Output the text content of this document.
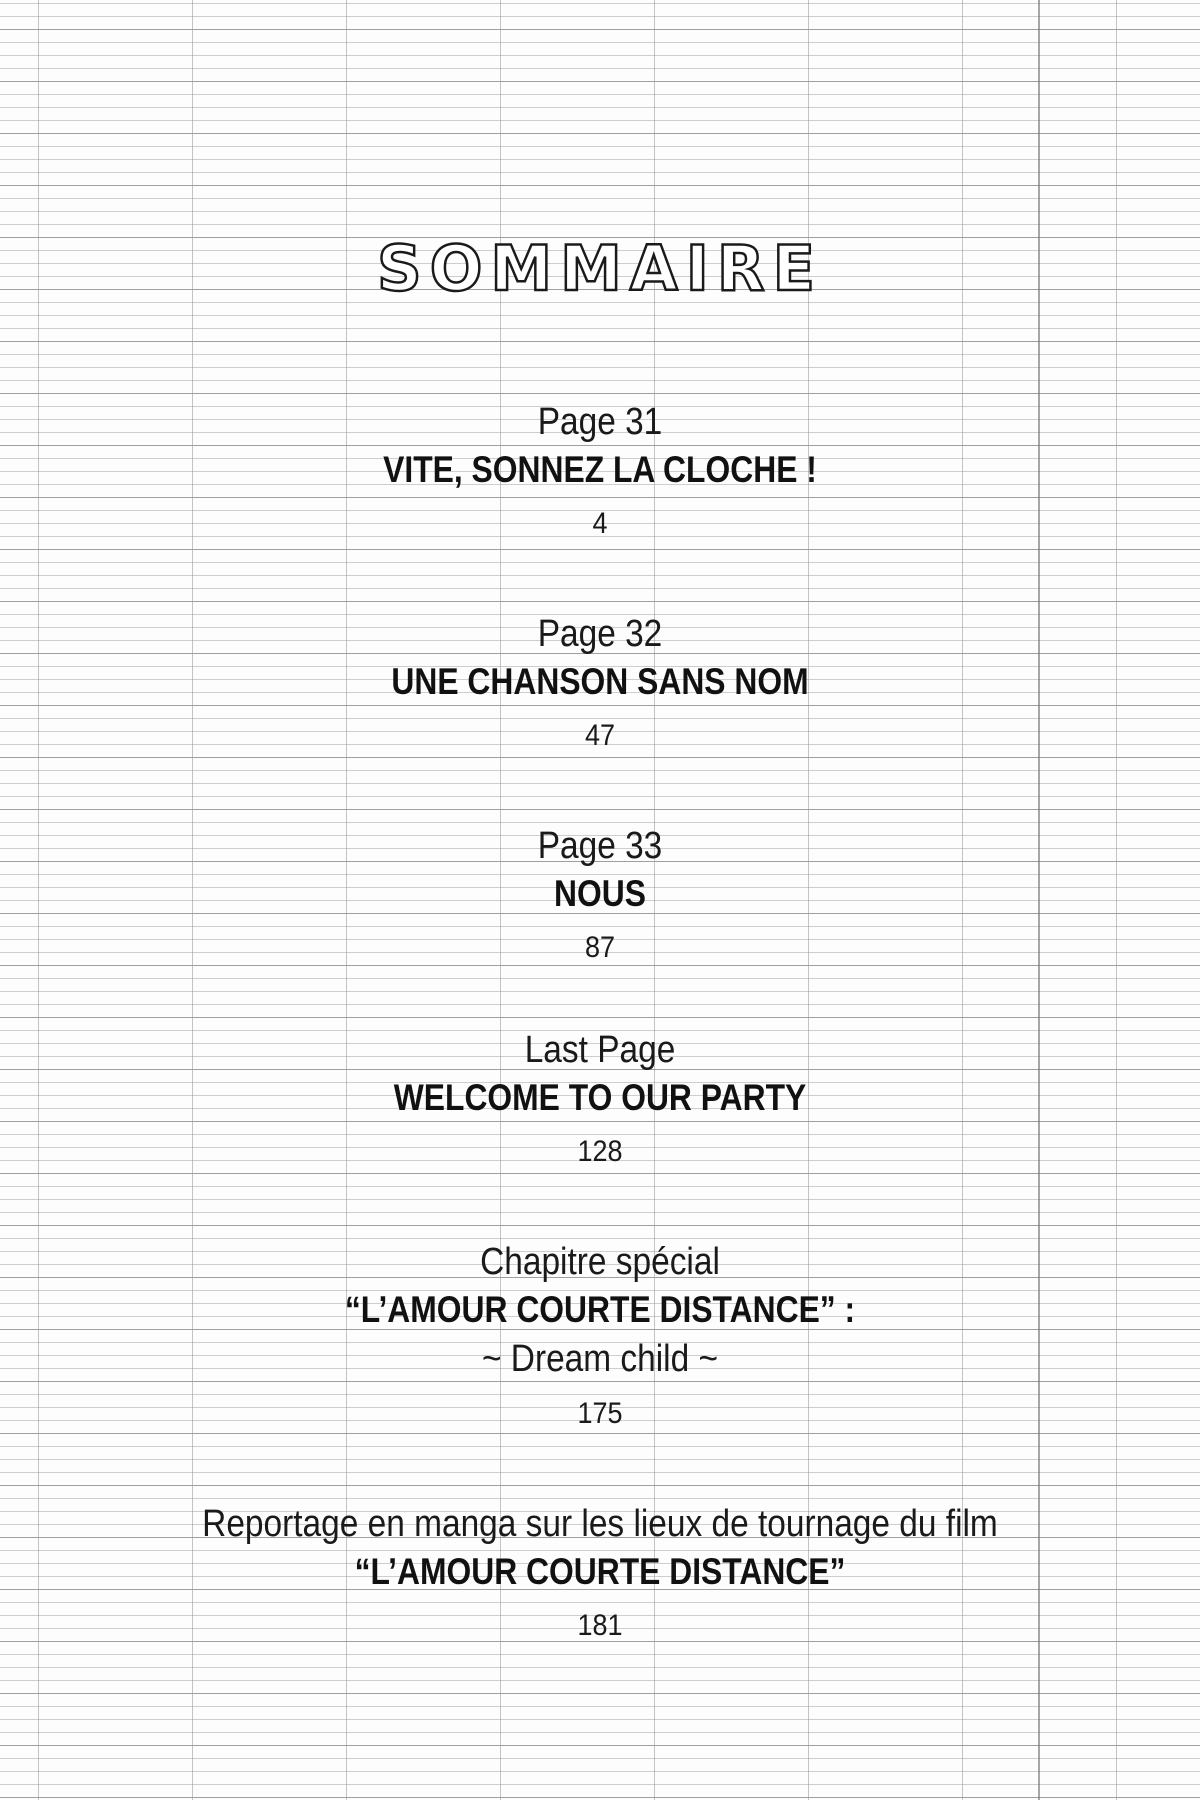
SOMMAIRE
Page 31
VITE, SONNEZ LA CLOCHE !
4
Page 32
UNE CHANSON SANS NOM
47
Page 33
NOUS
87
Last Page
WELCOME TO OUR PARTY
128
Chapitre spécial
“L’AMOUR COURTE DISTANCE” :
~ Dream child ~
175
Reportage en manga sur les lieux de tournage du film
“L’AMOUR COURTE DISTANCE”
181
